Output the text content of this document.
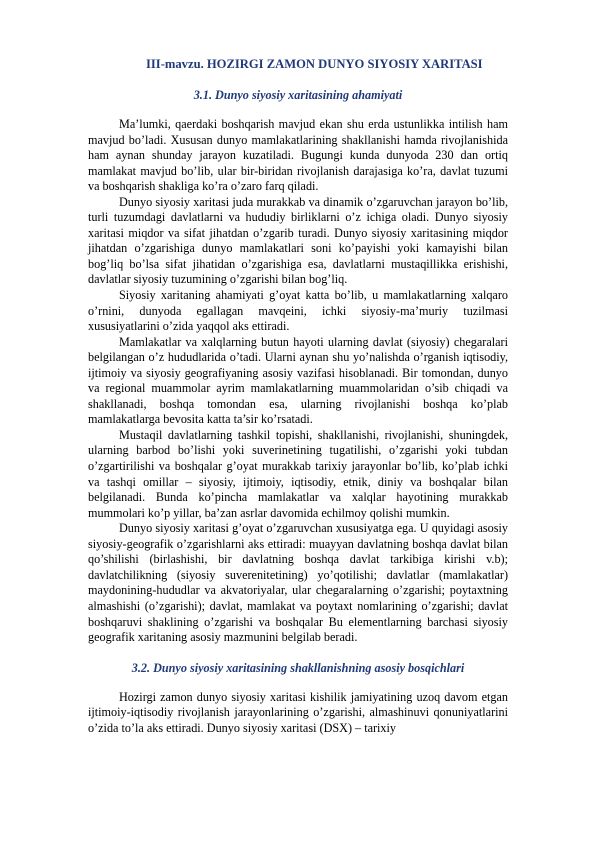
III-mavzu. HOZIRGI ZAMON DUNYO SIYOSIY XARITASI
3.1. Dunyo siyosiy xaritasining ahamiyati

Ma’lumki, qaerdaki boshqarish mavjud ekan shu erda ustunlikka intilish ham mavjud bo’ladi. Xususan dunyo mamlakatlarining shakllanishi hamda rivojlanishida ham aynan shunday jarayon kuzatiladi. Bugungi kunda dunyoda 230 dan ortiq mamlakat mavjud bo’lib, ular bir-biridan rivojlanish darajasiga ko’ra, davlat tuzumi va boshqarish shakliga ko’ra o’zaro farq qiladi.

Dunyo siyosiy xaritasi juda murakkab va dinamik o’zgaruvchan jarayon bo’lib, turli tuzumdagi davlatlarni va hududiy birliklarni o’z ichiga oladi. Dunyo siyosiy xaritasi miqdor va sifat jihatdan o’zgarib turadi. Dunyo siyosiy xaritasining miqdor jihatdan o’zgarishiga dunyo mamlakatlari soni ko’payishi yoki kamayishi bilan bog’liq bo’lsa sifat jihatidan o’zgarishiga esa, davlatlarni mustaqillikka erishishi, davlatlar siyosiy tuzumining o’zgarishi bilan bog’liq.

Siyosiy xaritaning ahamiyati g’oyat katta bo’lib, u mamlakatlarning xalqaro o’rnini, dunyoda egallagan mavqeini, ichki siyosiy-ma’muriy tuzilmasi xususiyatlarini o’zida yaqqol aks ettiradi.

Mamlakatlar va xalqlarning butun hayoti ularning davlat (siyosiy) chegaralari belgilangan o’z hududlarida o’tadi. Ularni aynan shu yo’nalishda o’rganish iqtisodiy, ijtimoiy va siyosiy geografiyaning asosiy vazifasi hisoblanadi. Bir tomondan, dunyo va regional muammolar ayrim mamlakatlarning muammolaridan o’sib chiqadi va shakllanadi, boshqa tomondan esa, ularning rivojlanishi boshqa ko’plab mamlakatlarga bevosita katta ta’sir ko’rsatadi.

Mustaqil davlatlarning tashkil topishi, shakllanishi, rivojlanishi, shuningdek, ularning barbod bo’lishi yoki suverinetining tugatilishi, o’zgarishi yoki tubdan o’zgartirilishi va boshqalar g’oyat murakkab tarixiy jarayonlar bo’lib, ko’plab ichki va tashqi omillar – siyosiy, ijtimoiy, iqtisodiy, etnik, diniy va boshqalar bilan belgilanadi. Bunda ko’pincha mamlakatlar va xalqlar hayotining murakkab mummolari ko’p yillar, ba’zan asrlar davomida echilmoy qolishi mumkin.

Dunyo siyosiy xaritasi g’oyat o’zgaruvchan xususiyatga ega. U quyidagi asosiy siyosiy-geografik o’zgarishlarni aks ettiradi: muayyan davlatning boshqa davlat bilan qo’shilishi (birlashishi, bir davlatning boshqa davlat tarkibiga kirishi v.b); davlatchilikning (siyosiy suverenitetining) yo’qotilishi; davlatlar (mamlakatlar) maydonining-hududlar va akvatoriyalar, ular chegaralarning o’zgarishi; poytaxtning almashishi (o’zgarishi); davlat, mamlakat va poytaxt nomlarining o’zgarishi; davlat boshqaruvi shaklining o’zgarishi va boshqalar Bu elementlarning barchasi siyosiy geografik xaritaning asosiy mazmunini belgilab beradi.

3.2. Dunyo siyosiy xaritasining shakllanishning asosiy bosqichlari

Hozirgi zamon dunyo siyosiy xaritasi kishilik jamiyatining uzoq davom etgan ijtimoiy-iqtisodiy rivojlanish jarayonlarining o’zgarishi, almashinuvi qonuniyatlarini o’zida to’la aks ettiradi. Dunyo siyosiy xaritasi (DSX) – tarixiy
